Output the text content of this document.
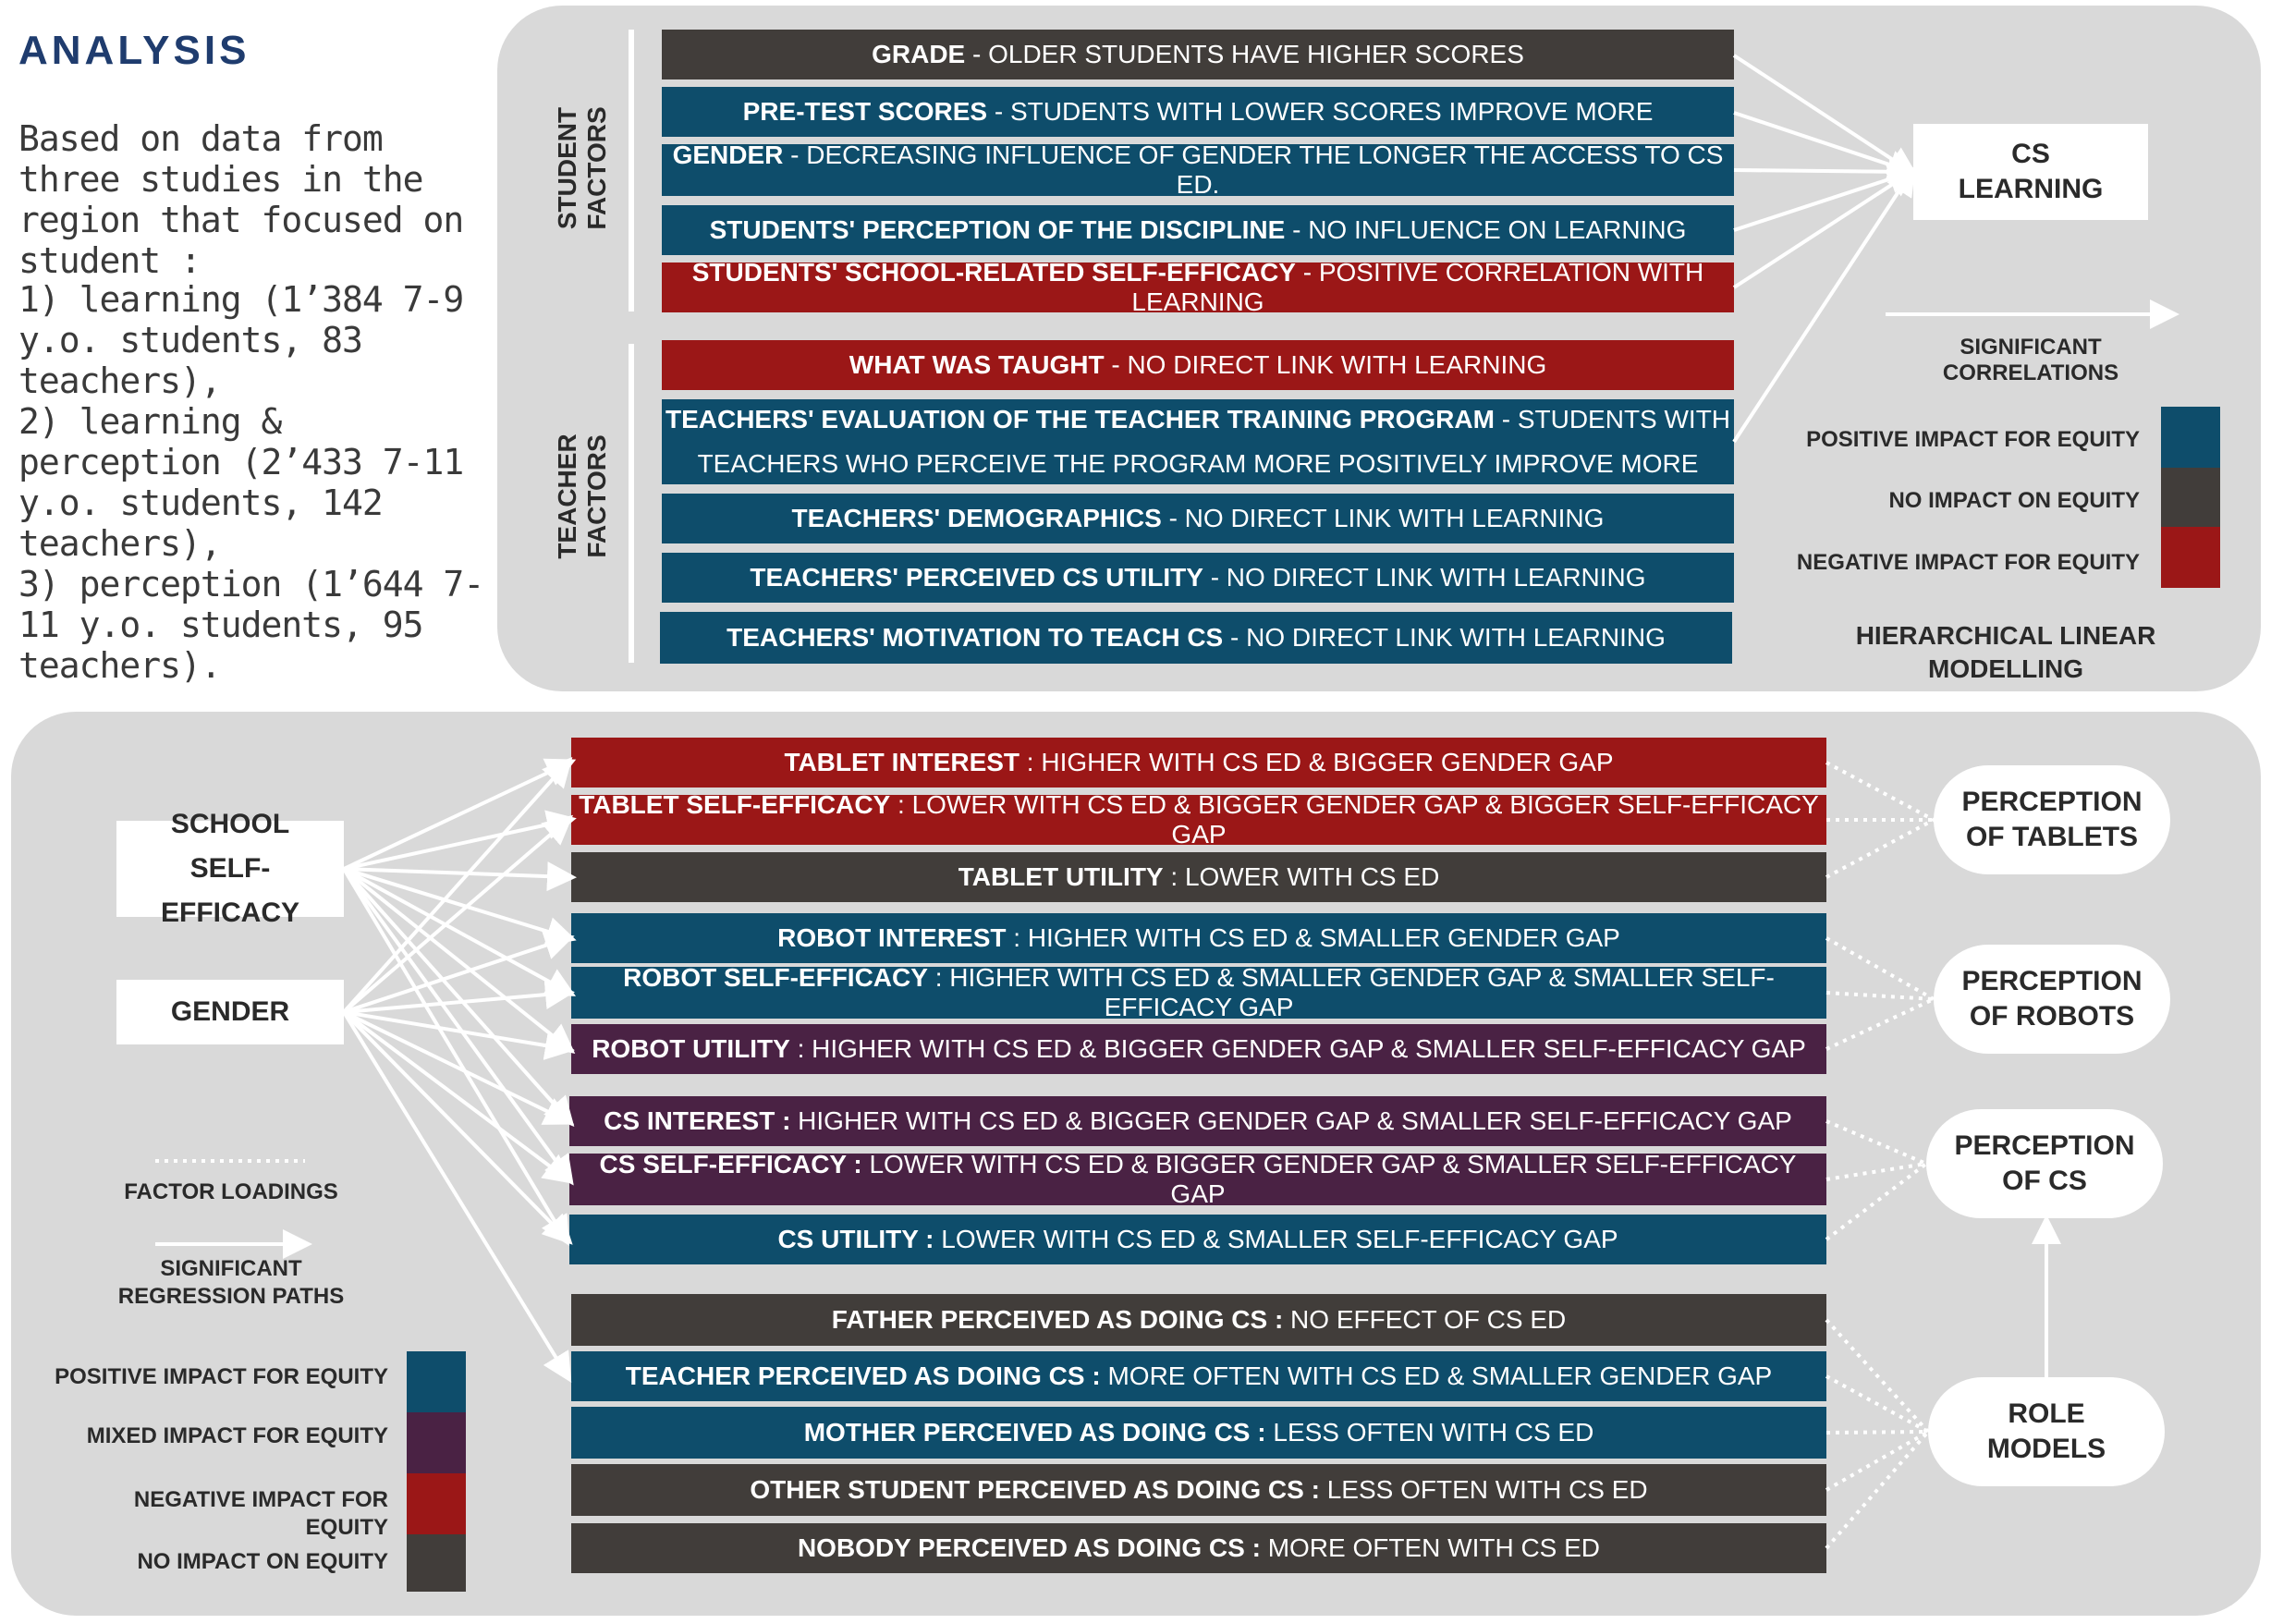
ANALYSIS
Based on data from three studies in the region that focused on student :
1) learning (1’384 7-9 y.o. students, 83 teachers),
2) learning & perception (2’433 7-11 y.o. students, 142 teachers),
3) perception (1’644 7-11 y.o. students, 95 teachers).
STUDENT FACTORS
TEACHER FACTORS
GRADE - OLDER STUDENTS HAVE HIGHER SCORES
PRE-TEST SCORES - STUDENTS WITH LOWER SCORES IMPROVE MORE
GENDER - DECREASING INFLUENCE OF GENDER THE LONGER THE ACCESS TO CS ED.
STUDENTS' PERCEPTION OF THE DISCIPLINE - NO INFLUENCE ON LEARNING
STUDENTS' SCHOOL-RELATED SELF-EFFICACY - POSITIVE CORRELATION WITH LEARNING
WHAT WAS TAUGHT - NO DIRECT LINK WITH LEARNING
TEACHERS' EVALUATION OF THE TEACHER TRAINING PROGRAM - STUDENTS WITH TEACHERS WHO PERCEIVE THE PROGRAM MORE POSITIVELY IMPROVE MORE
TEACHERS' DEMOGRAPHICS - NO DIRECT LINK WITH LEARNING
TEACHERS' PERCEIVED CS UTILITY - NO DIRECT LINK WITH LEARNING
TEACHERS' MOTIVATION TO TEACH CS - NO DIRECT LINK WITH LEARNING
CS LEARNING
SIGNIFICANT CORRELATIONS
POSITIVE IMPACT FOR EQUITY
NO IMPACT ON EQUITY
NEGATIVE IMPACT FOR EQUITY
HIERARCHICAL LINEAR MODELLING
SCHOOL SELF-EFFICACY
GENDER
TABLET INTEREST : HIGHER WITH CS ED & BIGGER GENDER GAP
TABLET SELF-EFFICACY : LOWER WITH CS ED & BIGGER GENDER GAP & BIGGER SELF-EFFICACY GAP
TABLET UTILITY : LOWER WITH CS ED
ROBOT INTEREST : HIGHER WITH CS ED & SMALLER GENDER GAP
ROBOT SELF-EFFICACY : HIGHER WITH CS ED & SMALLER GENDER GAP & SMALLER SELF-EFFICACY GAP
ROBOT UTILITY : HIGHER WITH CS ED & BIGGER GENDER GAP & SMALLER SELF-EFFICACY GAP
CS INTEREST : HIGHER WITH CS ED & BIGGER GENDER GAP & SMALLER SELF-EFFICACY GAP
CS SELF-EFFICACY : LOWER WITH CS ED & BIGGER GENDER GAP & SMALLER SELF-EFFICACY GAP
CS UTILITY : LOWER WITH CS ED & SMALLER SELF-EFFICACY GAP
FATHER PERCEIVED AS DOING CS : NO EFFECT OF CS ED
TEACHER PERCEIVED AS DOING CS : MORE OFTEN WITH CS ED & SMALLER GENDER GAP
MOTHER PERCEIVED AS DOING CS : LESS OFTEN WITH CS ED
OTHER STUDENT PERCEIVED AS DOING CS : LESS OFTEN WITH CS ED
NOBODY PERCEIVED AS DOING CS : MORE OFTEN WITH CS ED
PERCEPTION OF TABLETS
PERCEPTION OF ROBOTS
PERCEPTION OF CS
ROLE MODELS
FACTOR LOADINGS
SIGNIFICANT REGRESSION PATHS
POSITIVE IMPACT FOR EQUITY
MIXED IMPACT FOR EQUITY
NEGATIVE IMPACT FOR EQUITY
NO IMPACT ON EQUITY
